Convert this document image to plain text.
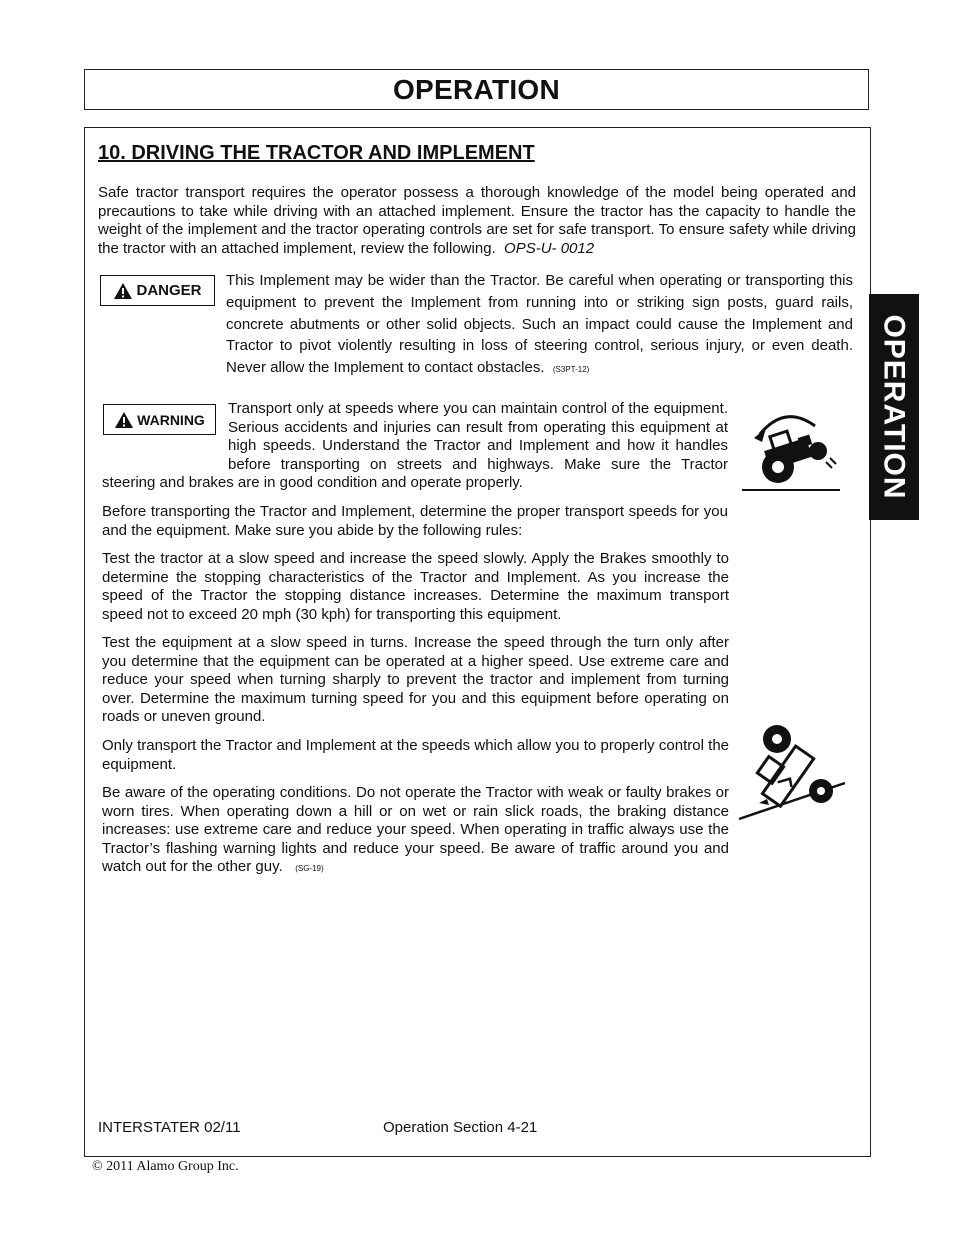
OPERATION
OPERATION
10. DRIVING THE TRACTOR AND IMPLEMENT

Safe tractor transport requires the operator possess a thorough knowledge of the model being operated and precautions to take while driving with an attached implement. Ensure the tractor has the capacity to handle the weight of the implement and the tractor operating controls are set for safe transport. To ensure safety while driving the tractor with an attached implement, review the following. OPS-U- 0012

DANGER

This Implement may be wider than the Tractor. Be careful when operating or transporting this equipment to prevent the Implement from running into or striking sign posts, guard rails, concrete abutments or other solid objects. Such an impact could cause the Implement and Tractor to pivot violently resulting in loss of steering control, serious injury, or even death. Never allow the Implement to contact obstacles. (S3PT-12)

WARNING

Transport only at speeds where you can maintain control of the equipment. Serious accidents and injuries can result from operating this equipment at high speeds. Understand the Tractor and Implement and how it handles before transporting on streets and highways. Make sure the Tractor steering and brakes are in good condition and operate properly.

Before transporting the Tractor and Implement, determine the proper transport speeds for you and the equipment. Make sure you abide by the following rules:

Test the tractor at a slow speed and increase the speed slowly. Apply the Brakes smoothly to determine the stopping characteristics of the Tractor and Implement. As you increase the speed of the Tractor the stopping distance increases. Determine the maximum transport speed not to exceed 20 mph (30 kph) for transporting this equipment.

Test the equipment at a slow speed in turns. Increase the speed through the turn only after you determine that the equipment can be operated at a higher speed. Use extreme care and reduce your speed when turning sharply to prevent the tractor and implement from turning over. Determine the maximum turning speed for you and this equipment before operating on roads or uneven ground.

Only transport the Tractor and Implement at the speeds which allow you to properly control the equipment.

Be aware of the operating conditions. Do not operate the Tractor with weak or faulty brakes or worn tires. When operating down a hill or on wet or rain slick roads, the braking distance increases: use extreme care and reduce your speed. When operating in traffic always use the Tractor’s flashing warning lights and reduce your speed. Be aware of traffic around you and watch out for the other guy. (SG-19)

INTERSTATER 02/11	Operation Section 4-21

© 2011 Alamo Group Inc.
